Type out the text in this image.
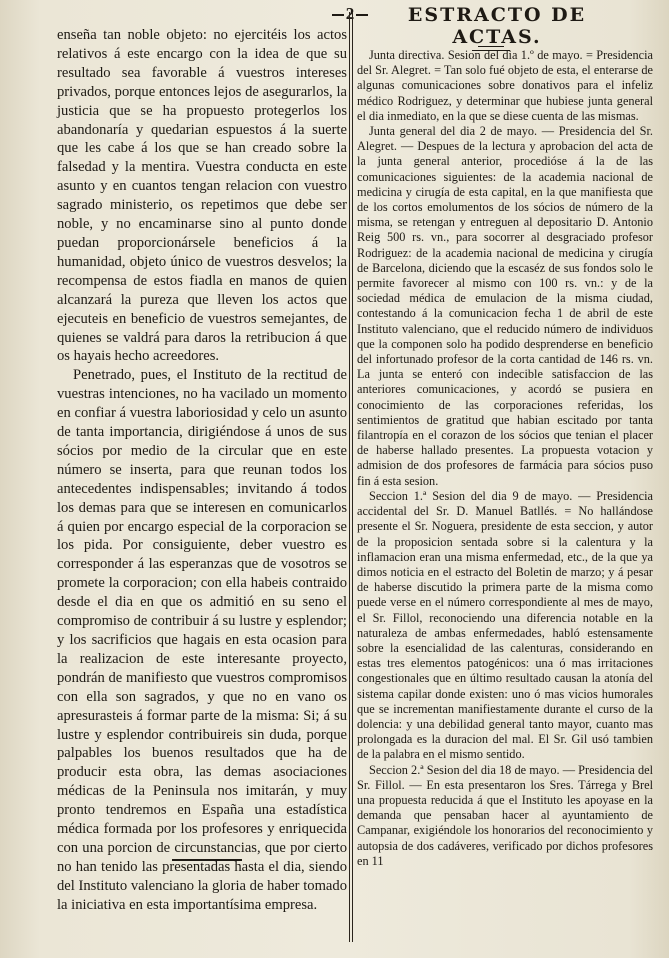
2	ESTRACTO DE ACTAS.

enseña tan noble objeto: no ejercitéis los actos relativos á este encargo con la idea de que su resultado sea favorable á vuestros intereses privados, porque entonces lejos de asegurarlos, la justicia que se ha propuesto protegerlos los abandonaría y quedarian espuestos á la suerte que les cabe á los que se han creado sobre la falsedad y la mentira. Vuestra conducta en este asunto y en cuantos tengan relacion con vuestro sagrado ministerio, os repetimos que debe ser noble, y no encaminarse sino al punto donde puedan proporcionársele beneficios á la humanidad, objeto único de vuestros desvelos; la recompensa de estos fiadla en manos de quien alcanzará la pureza que lleven los actos que ejecuteis en beneficio de vuestros semejantes, de quienes se valdrá para daros la retribucion á que os hayais hecho acreedores.

Penetrado, pues, el Instituto de la rectitud de vuestras intenciones, no ha vacilado un momento en confiar á vuestra laboriosidad y celo un asunto de tanta importancia, dirigiéndose á unos de sus sócios por medio de la circular que en este número se inserta, para que reunan todos los antecedentes indispensables; invitando á todos los demas para que se interesen en comunicarlos á quien por encargo especial de la corporacion se los pida. Por consiguiente, deber vuestro es corresponder á las esperanzas que de vosotros se promete la corporacion; con ella habeis contraido desde el dia en que os admitió en su seno el compromiso de contribuir á su lustre y esplendor; y los sacrificios que hagais en esta ocasion para la realizacion de este interesante proyecto, pondrán de manifiesto que vuestros compromisos con ella son sagrados, y que no en vano os apresurasteis á formar parte de la misma: Si; á su lustre y esplendor contribuireis sin duda, porque palpables los buenos resultados que ha de producir esta obra, las demas asociaciones médicas de la Peninsula nos imitarán, y muy pronto tendremos en España una estadística médica formada por los profesores y enriquecida con una porcion de circunstancias, que por cierto no han tenido las presentadas hasta el dia, siendo del Instituto valenciano la gloria de haber tomado la iniciativa en esta importantísima empresa.

Junta directiva. Sesion del dia 1.º de mayo. = Presidencia del Sr. Alegret. = Tan solo fué objeto de esta, el enterarse de algunas comunicaciones sobre donativos para el infeliz médico Rodriguez, y determinar que hubiese junta general el dia inmediato, en la que se diese cuenta de las mismas.

Junta general del dia 2 de mayo. — Presidencia del Sr. Alegret. — Despues de la lectura y aprobacion del acta de la junta general anterior, procedióse á la de las comunicaciones siguientes: de la academia nacional de medicina y cirugía de esta capital, en la que manifiesta que de los cortos emolumentos de los sócios de número de la misma, se retengan y entreguen al depositario D. Antonio Reig 500 rs. vn., para socorrer al desgraciado profesor Rodriguez: de la academia nacional de medicina y cirugía de Barcelona, diciendo que la escaséz de sus fondos solo le permite favorecer al mismo con 100 rs. vn.: y de la sociedad médica de emulacion de la misma ciudad, contestando á la comunicacion fecha 1 de abril de este Instituto valenciano, que el reducido número de individuos que la componen solo ha podido desprenderse en beneficio del infortunado profesor de la corta cantidad de 146 rs. vn. La junta se enteró con indecible satisfaccion de las anteriores comunicaciones, y acordó se pusiera en conocimiento de las corporaciones referidas, los sentimientos de gratitud que habian escitado por tanta filantropía en el corazon de los sócios que tenian el placer de haberse hallado presentes. La propuesta votacion y admision de dos profesores de farmácia para sócios puso fin á esta sesion.

Seccion 1.ª Sesion del dia 9 de mayo. — Presidencia accidental del Sr. D. Manuel Batllés. = No hallándose presente el Sr. Noguera, presidente de esta seccion, y autor de la proposicion sentada sobre si la calentura y la inflamacion eran una misma enfermedad, etc., de la que ya dimos noticia en el estracto del Boletin de marzo; y á pesar de haberse discutido la primera parte de la misma como puede verse en el número correspondiente al mes de mayo, el Sr. Fillol, reconociendo una diferencia notable en la naturaleza de ambas enfermedades, habló estensamente sobre la esencialidad de las calenturas, considerando en estas tres elementos patogénicos: una ó mas irritaciones congestionales que en último resultado causan la atonía del sistema capilar donde existen: uno ó mas vicios humorales que se incrementan manifiestamente durante el curso de la dolencia: y una debilidad general tanto mayor, cuanto mas prolongada es la duracion del mal. El Sr. Gil usó tambien de la palabra en el mismo sentido.

Seccion 2.ª Sesion del dia 18 de mayo. — Presidencia del Sr. Fillol. — En esta presentaron los Sres. Tárrega y Brel una propuesta reducida á que el Instituto les apoyase en la demanda que pensaban hacer al ayuntamiento de Campanar, exigiéndole los honorarios del reconocimiento y autopsia de dos cadáveres, verificado por dichos profesores en 11
